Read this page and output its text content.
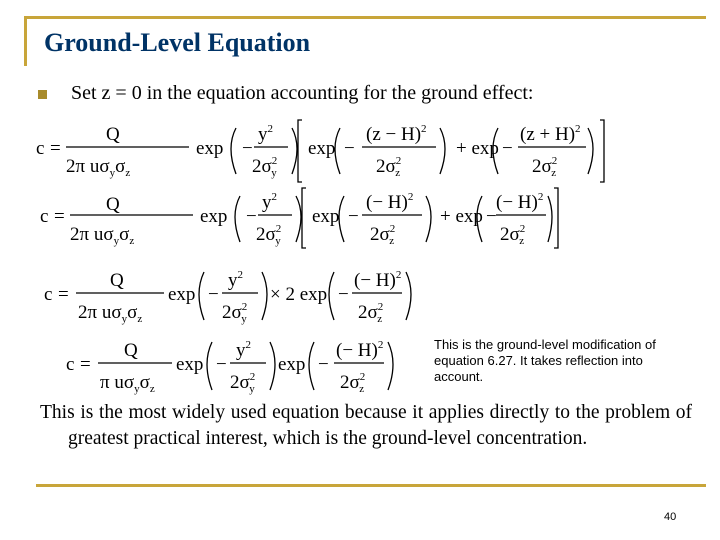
Ground-Level Equation
Set z = 0 in the equation accounting for the ground effect:
c =
Q
2π $u\sigma_y\sigma_z$
exp −
$y^2$
$2\sigma^2$ y
exp −
$(z - H)^2$
$2\sigma^2$ z
+ exp −
$(z + H)^2$
$2\sigma^2$ z
c =
Q
2π $u\sigma_y\sigma_z$
exp −
$y^2$
$2\sigma^2$ y
exp −
(− H)$^2$
$2\sigma^2$ z
+ exp −
(− H)$^2$
$2\sigma^2$ z
c =
Q
2π $u\sigma_y\sigma_z$
exp −
$y^2$
$2\sigma^2$ y
× 2 exp −
(− H)$^2$
$2\sigma^2$ z
c =
Q
π $u\sigma_y\sigma_z$
exp −
$y^2$
$2\sigma^2$ y
exp −
(− H)$^2$
$2\sigma^2$ z
This is the ground-level modification of equation 6.27. It takes reflection into account.
This is the most widely used equation because it applies directly to the problem of greatest practical interest, which is the ground-level concentration.
40
